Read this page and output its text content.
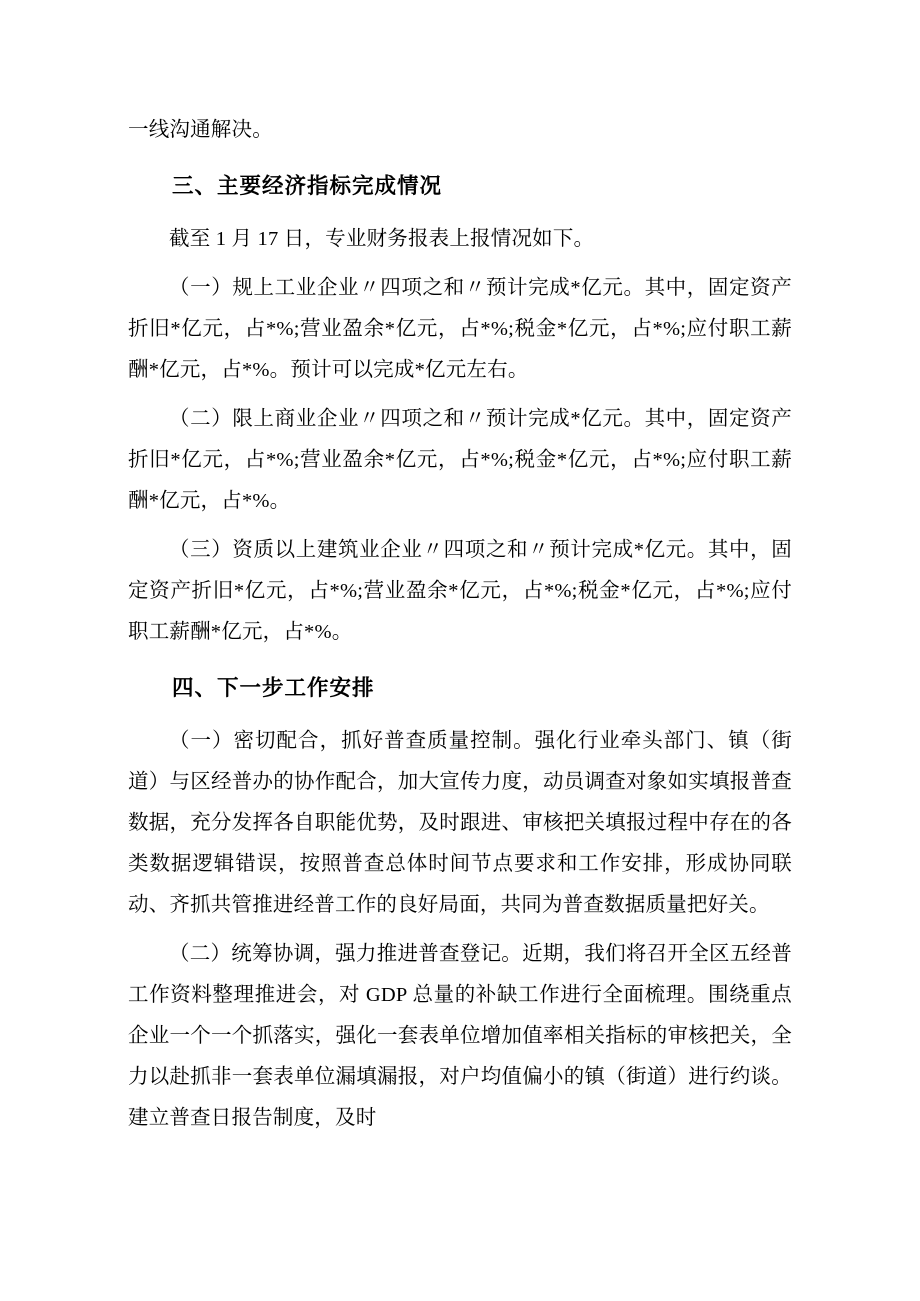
一线沟通解决。

三、主要经济指标完成情况

截至 1 月 17 日，专业财务报表上报情况如下。

（一）规上工业企业〃四项之和〃预计完成*亿元。其中，固定资产折旧*亿元，占*%;营业盈余*亿元，占*%;税金*亿元，占*%;应付职工薪酬*亿元，占*%。预计可以完成*亿元左右。

（二）限上商业企业〃四项之和〃预计完成*亿元。其中，固定资产折旧*亿元，占*%;营业盈余*亿元，占*%;税金*亿元，占*%;应付职工薪酬*亿元，占*%。

（三）资质以上建筑业企业〃四项之和〃预计完成*亿元。其中，固定资产折旧*亿元，占*%;营业盈余*亿元，占*%;税金*亿元，占*%;应付职工薪酬*亿元，占*%。

四、下一步工作安排

（一）密切配合，抓好普查质量控制。强化行业牵头部门、镇（街道）与区经普办的协作配合，加大宣传力度，动员调查对象如实填报普查数据，充分发挥各自职能优势，及时跟进、审核把关填报过程中存在的各类数据逻辑错误，按照普查总体时间节点要求和工作安排，形成协同联动、齐抓共管推进经普工作的良好局面，共同为普查数据质量把好关。

（二）统筹协调，强力推进普查登记。近期，我们将召开全区五经普工作资料整理推进会，对 GDP 总量的补缺工作进行全面梳理。围绕重点企业一个一个抓落实，强化一套表单位增加值率相关指标的审核把关，全力以赴抓非一套表单位漏填漏报，对户均值偏小的镇（街道）进行约谈。建立普查日报告制度，及时
